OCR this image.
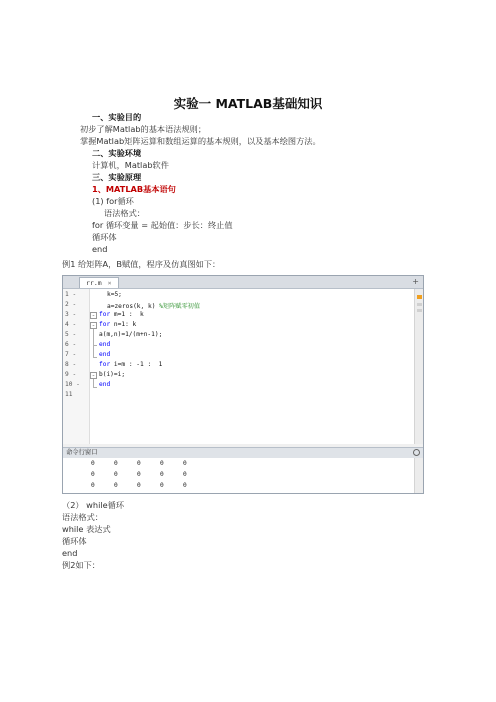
实验一 MATLAB基础知识
一、实验目的
初步了解Matlab的基本语法规则；
掌握Matlab矩阵运算和数组运算的基本规则，以及基本绘图方法。
二、实验环境
计算机，Matlab软件
三、实验原理
1、MATLAB基本语句
(1) for循环
语法格式：
for 循环变量 = 起始值：步长：终止值
循环体
end
例1 给矩阵A，B赋值，程序及仿真图如下：
rr.m ×	+
1 -
2 -
3 -
4 -
5 -
6 -
7 -
8 -
9 -
10 -
11
-
-
-
k=5;
a=zeros(k, k) %矩阵赋零初值
for m=1 :  k
for n=1: k
a(m,n)=1/(m+n-1);
end
end
for i=m : -1 :  1
b(i)=i;
end
命令行窗口
0	0	0	0	0
0	0	0	0	0
0	0	0	0	0
（2） while循环
语法格式：
while 表达式
循环体
end
例2如下：
